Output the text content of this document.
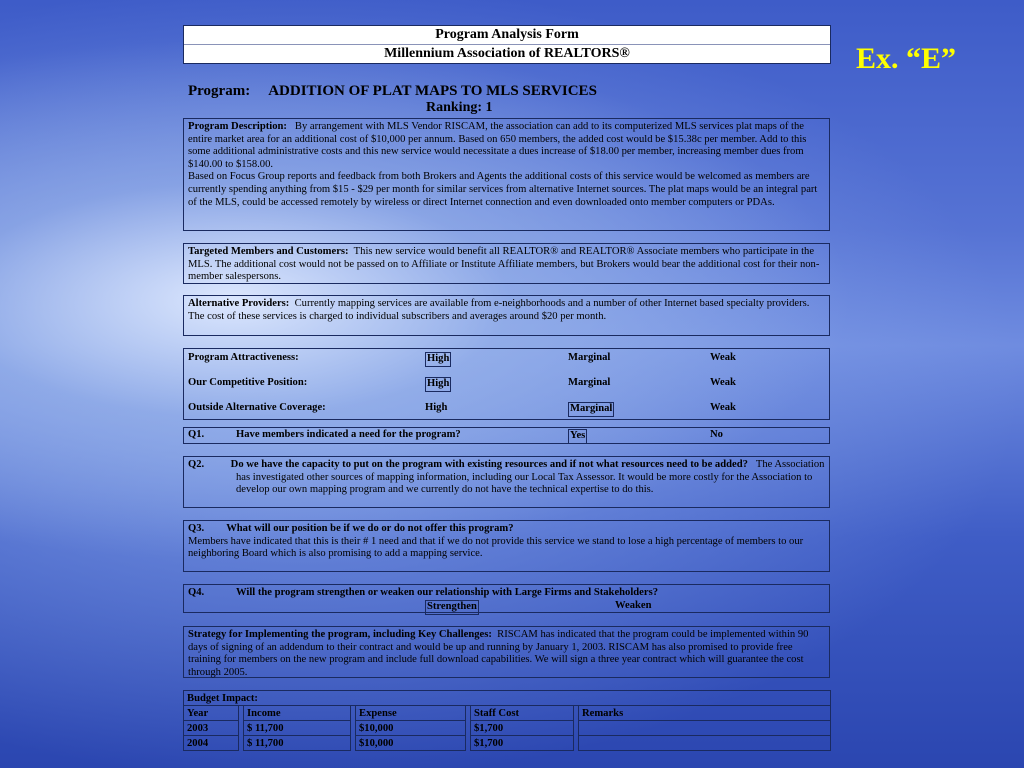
Program Analysis Form
Millennium Association of REALTORS®	Ex. “E”
Program: ADDITION OF PLAT MAPS TO MLS SERVICES
Ranking: 1
Program Description: By arrangement with MLS Vendor RISCAM, the association can add to its computerized MLS services plat maps of the entire market area for an additional cost of $10,000 per annum. Based on 650 members, the added cost would be $15.38c per member. Add to this some additional administrative costs and this new service would necessitate a dues increase of $18.00 per member, increasing member dues from $140.00 to $158.00.
Based on Focus Group reports and feedback from both Brokers and Agents the additional costs of this service would be welcomed as members are currently spending anything from $15 - $29 per month for similar services from alternative Internet sources. The plat maps would be an integral part of the MLS, could be accessed remotely by wireless or direct Internet connection and even downloaded onto member computers or PDAs.
Targeted Members and Customers: This new service would benefit all REALTOR® and REALTOR® Associate members who participate in the MLS. The additional cost would not be passed on to Affiliate or Institute Affiliate members, but Brokers would bear the additional cost for their non-member salespersons.
Alternative Providers: Currently mapping services are available from e-neighborhoods and a number of other Internet based specialty providers. The cost of these services is charged to individual subscribers and averages around $20 per month.
Program Attractiveness:	High	Marginal	Weak
Our Competitive Position:	High	Marginal	Weak
Outside Alternative Coverage:	High	Marginal	Weak
Q1.	Have members indicated a need for the program?	Yes	No
Q2. Do we have the capacity to put on the program with existing resources and if not what resources need to be added? The Association has investigated other sources of mapping information, including our Local Tax Assessor. It would be more costly for the Association to develop our own mapping program and we currently do not have the technical expertise to do this.
Q3. What will our position be if we do or do not offer this program?
Members have indicated that this is their # 1 need and that if we do not provide this service we stand to lose a high percentage of members to our neighboring Board which is also promising to add a mapping service.
Q4.	Will the program strengthen or weaken our relationship with Large Firms and Stakeholders?
Strengthen	Weaken
Strategy for Implementing the program, including Key Challenges: RISCAM has indicated that the program could be implemented within 90 days of signing of an addendum to their contract and would be up and running by January 1, 2003. RISCAM has also promised to provide free training for members on the new program and include full download capabilities. We will sign a three year contract which will guarantee the cost through 2005.
Budget Impact:								
Year		Income		Expense		Staff Cost		Remarks
2003		$ 11,700		$10,000		$1,700		
2004		$ 11,700		$10,000		$1,700		
